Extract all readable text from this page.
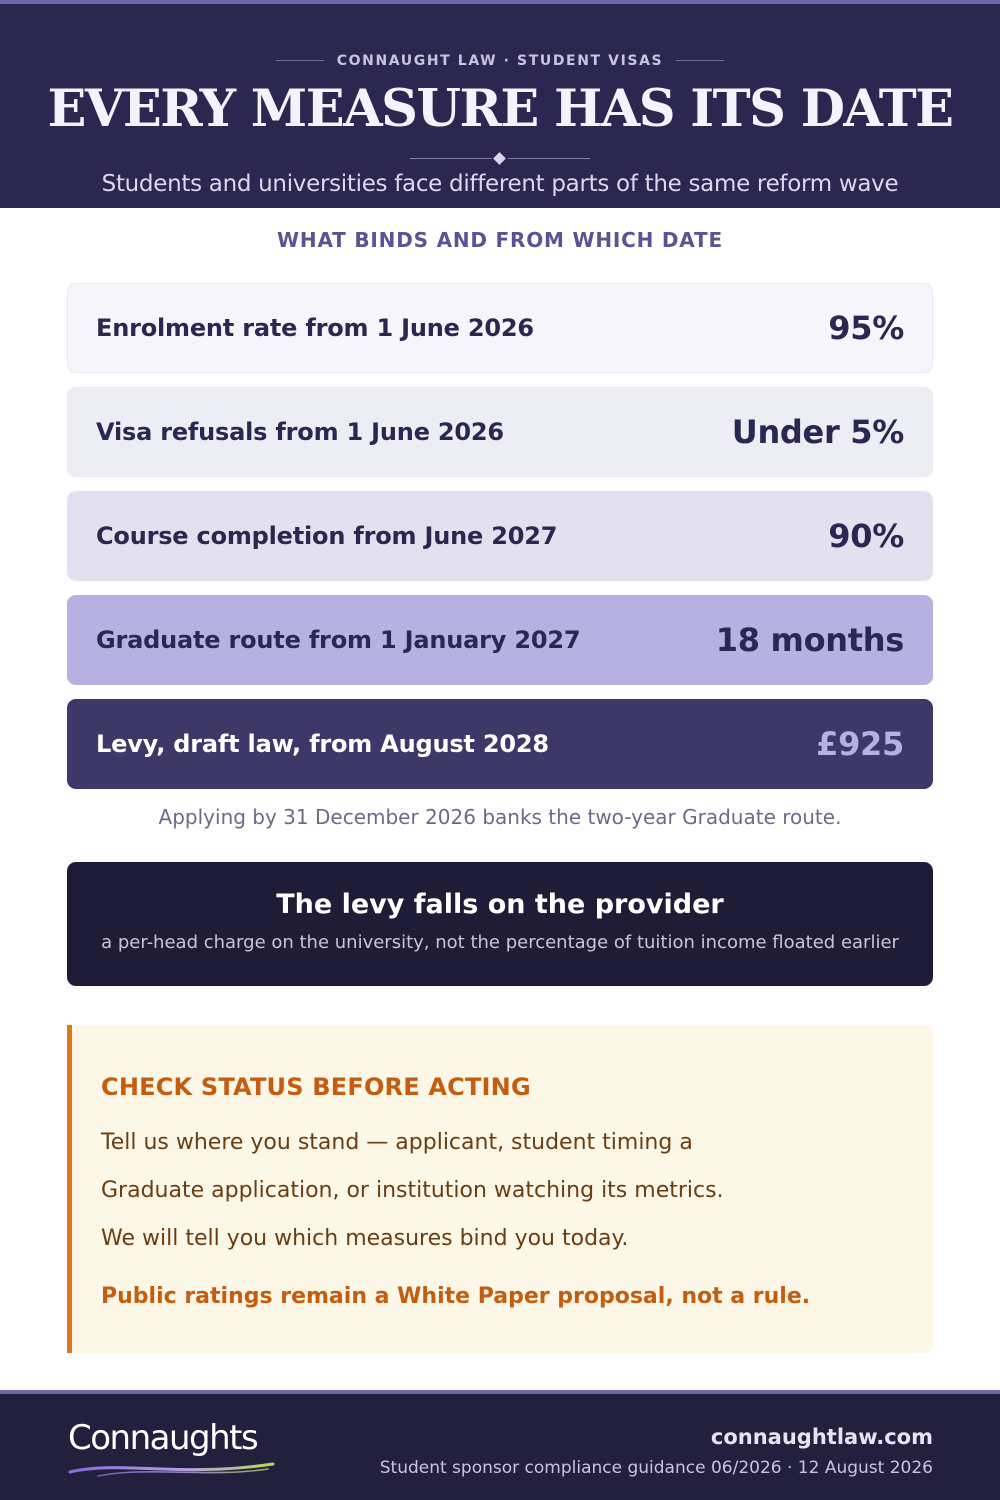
CONNAUGHT LAW · STUDENT VISAS
EVERY MEASURE HAS ITS DATE
Students and universities face different parts of the same reform wave
WHAT BINDS AND FROM WHICH DATE
Enrolment rate from 1 June 2026	95%
Visa refusals from 1 June 2026	Under 5%
Course completion from June 2027	90%
Graduate route from 1 January 2027	18 months
Levy, draft law, from August 2028	£925
Applying by 31 December 2026 banks the two-year Graduate route.
The levy falls on the provider
a per-head charge on the university, not the percentage of tuition income floated earlier
CHECK STATUS BEFORE ACTING
Tell us where you stand — applicant, student timing a
Graduate application, or institution watching its metrics.
We will tell you which measures bind you today.
Public ratings remain a White Paper proposal, not a rule.
Connaughts	connaughtlaw.com
Student sponsor compliance guidance 06/2026 · 12 August 2026
